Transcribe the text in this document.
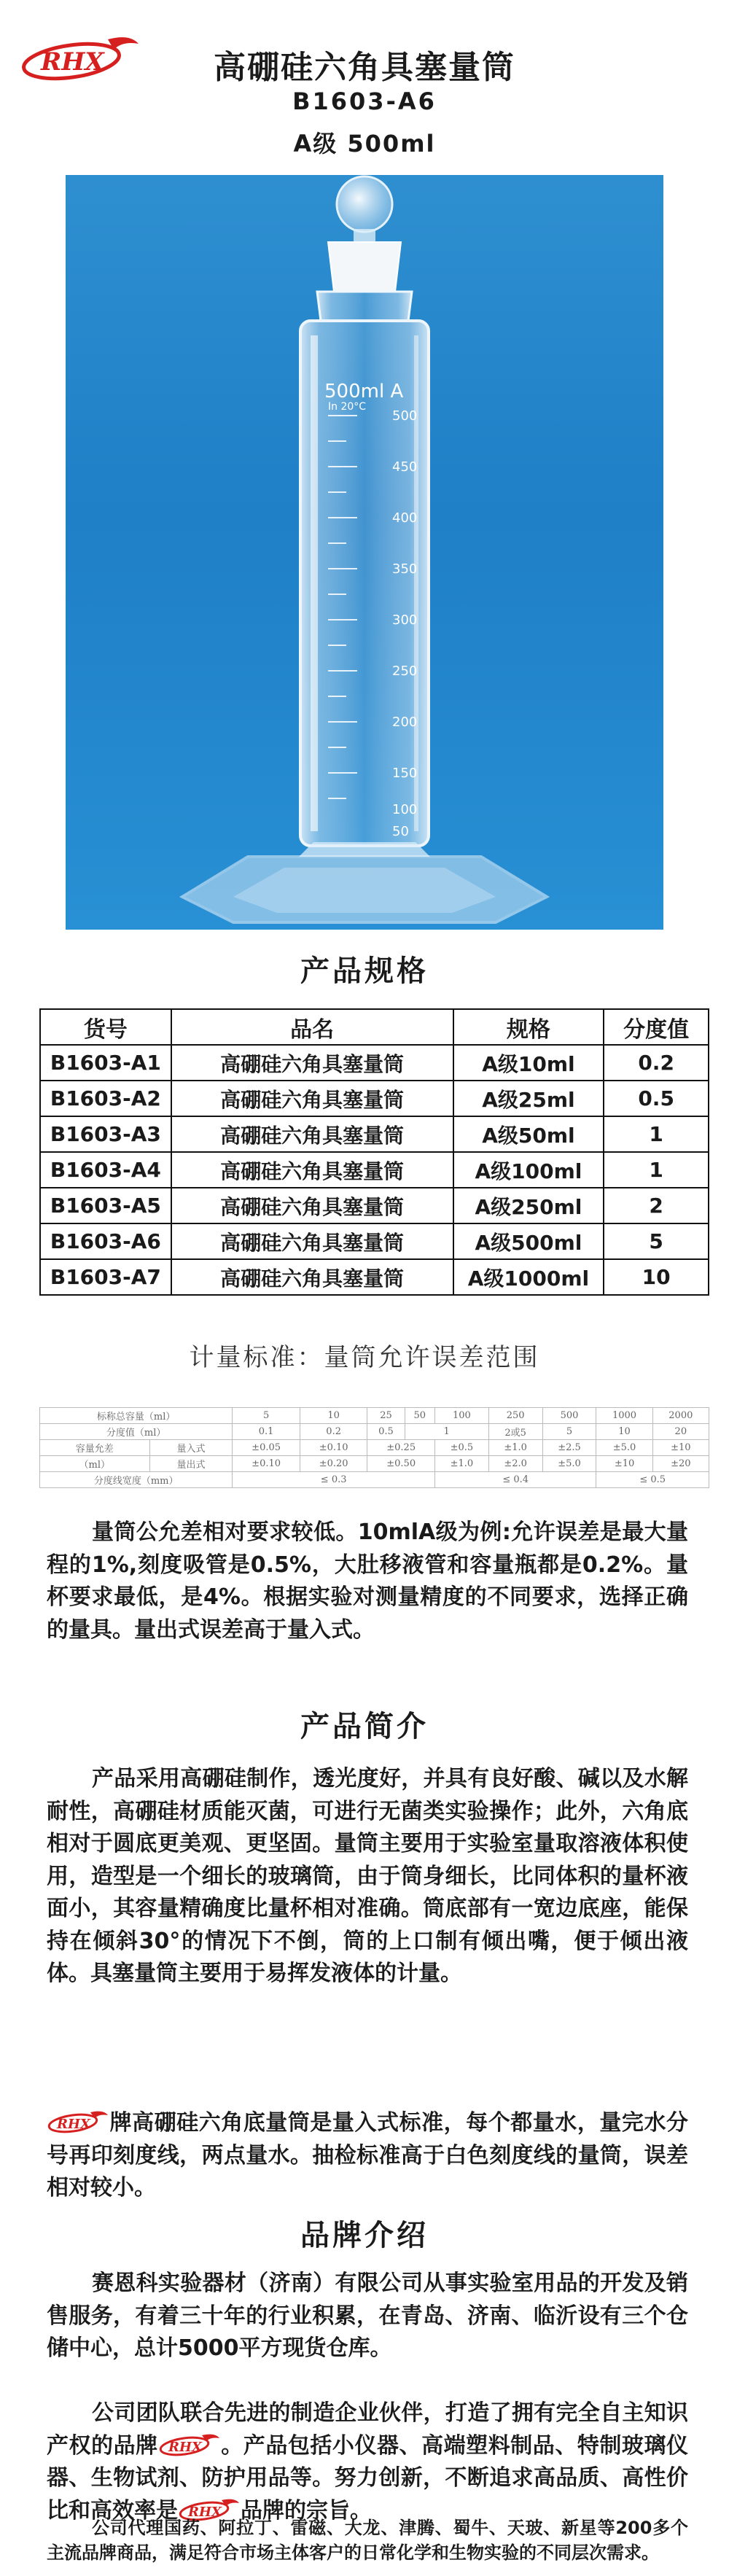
RHX	高硼硅六角具塞量筒
B1603-A6
A级 500ml
500ml A
In 20°C
500
450
400
350
300
250
200
150
100
50
产品规格
货号	品名	规格	分度值
B1603-A1	高硼硅六角具塞量筒	A级10ml	0.2
B1603-A2	高硼硅六角具塞量筒	A级25ml	0.5
B1603-A3	高硼硅六角具塞量筒	A级50ml	1
B1603-A4	高硼硅六角具塞量筒	A级100ml	1
B1603-A5	高硼硅六角具塞量筒	A级250ml	2
B1603-A6	高硼硅六角具塞量筒	A级500ml	5
B1603-A7	高硼硅六角具塞量筒	A级1000ml	10
计量标准：量筒允许误差范围
标称总容量（ml）		5	10	25	50	100	250	500	1000	2000
分度值（ml）		0.1	0.2	0.5	1		2或5	5	10	20
容量允差	量入式	±0.05	±0.10	±0.25		±0.5	±1.0	±2.5	±5.0	±10
（ml）	量出式	±0.10	±0.20	±0.50		±1.0	±2.0	±5.0	±10	±20
分度线宽度（mm）		≤ 0.3				≤ 0.4			≤ 0.5	
量筒公允差相对要求较低。10mlA级为例:允许误差是最大量程的1%,刻度吸管是0.5%，大肚移液管和容量瓶都是0.2%。量杯要求最低，是4%。根据实验对测量精度的不同要求，选择正确的量具。量出式误差高于量入式。
产品简介
产品采用高硼硅制作，透光度好，并具有良好酸、碱以及水解耐性，高硼硅材质能灭菌，可进行无菌类实验操作；此外，六角底相对于圆底更美观、更坚固。量筒主要用于实验室量取溶液体积使用，造型是一个细长的玻璃筒，由于筒身细长，比同体积的量杯液面小，其容量精确度比量杯相对准确。筒底部有一宽边底座，能保持在倾斜30°的情况下不倒，筒的上口制有倾出嘴，便于倾出液体。具塞量筒主要用于易挥发液体的计量。
RHX 牌高硼硅六角底量筒是量入式标准，每个都量水，量完水分号再印刻度线，两点量水。抽检标准高于白色刻度线的量筒，误差相对较小。
品牌介绍
赛恩科实验器材（济南）有限公司从事实验室用品的开发及销售服务，有着三十年的行业积累，在青岛、济南、临沂设有三个仓储中心，总计5000平方现货仓库。
公司团队联合先进的制造企业伙伴，打造了拥有完全自主知识产权的品牌 RHX 。产品包括小仪器、高端塑料制品、特制玻璃仪器、生物试剂、防护用品等。努力创新，不断追求高品质、高性价比和高效率是 RHX 品牌的宗旨。
公司代理国药、阿拉丁、雷磁、大龙、津腾、蜀牛、天玻、新星等200多个主流品牌商品，满足符合市场主体客户的日常化学和生物实验的不同层次需求。
